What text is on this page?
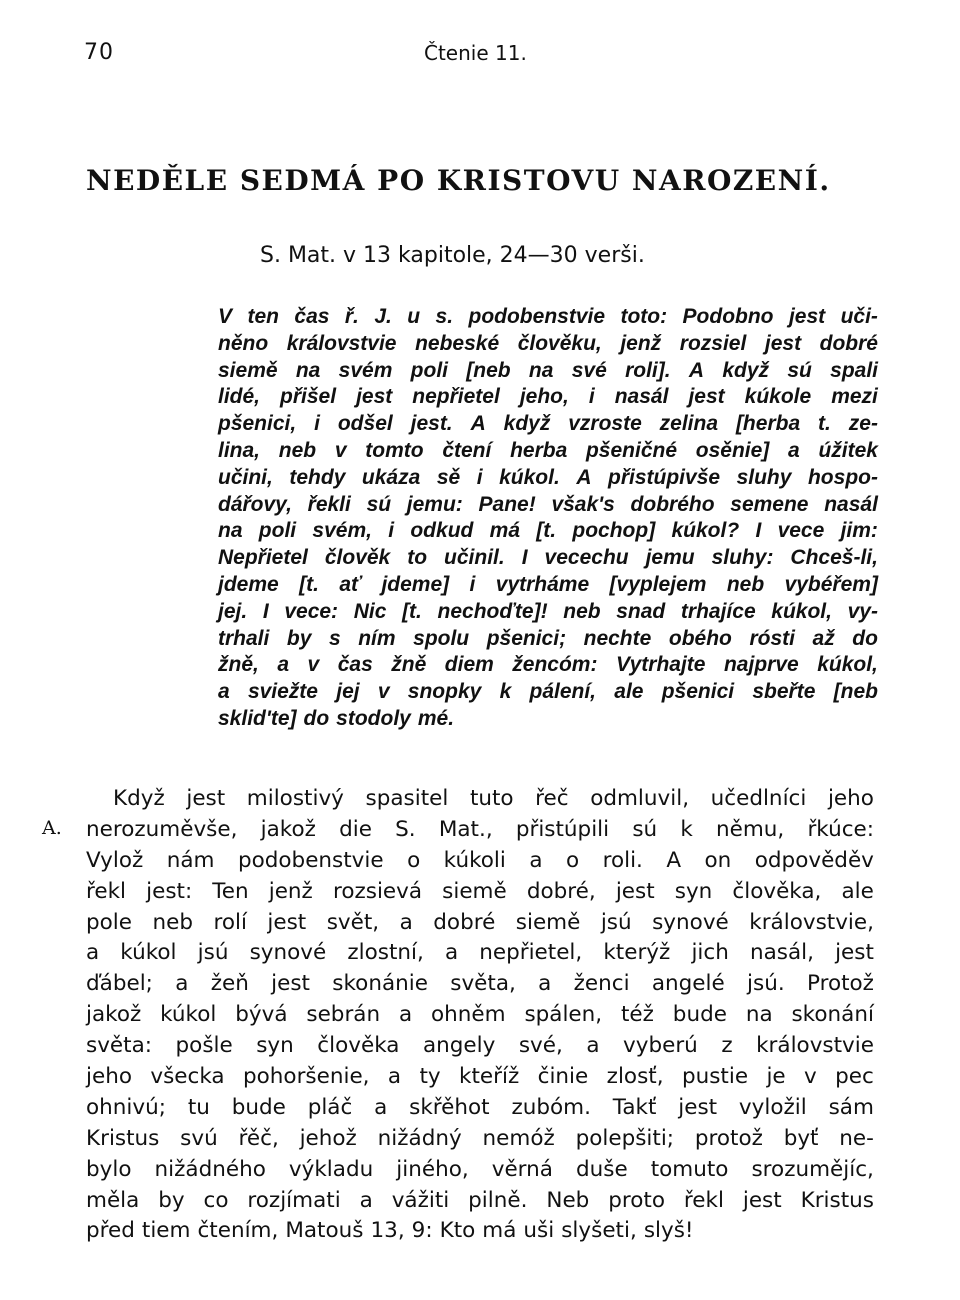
70	Čtenie 11.
NEDĚLE SEDMÁ PO KRISTOVU NAROZENÍ.
S. Mat. v 13 kapitole, 24—30 verši.
V ten čas ř. J. u s. podobenstvie toto: Podobno jest uči-
něno královstvie nebeské člověku, jenž rozsiel jest dobré
siemě na svém poli [neb na své roli]. A když sú spali
lidé, přišel jest nepřietel jeho, i nasál jest kúkole mezi
pšenici, i odšel jest. A když vzroste zelina [herba t. ze-
lina, neb v tomto čtení herba pšeničné osěnie] a úžitek
učini, tehdy ukáza sě i kúkol. A přistúpivše sluhy hospo-
dářovy, řekli sú jemu: Pane! však's dobrého semene nasál
na poli svém, i odkud má [t. pochop] kúkol? I vece jim:
Nepřietel člověk to učinil. I vecechu jemu sluhy: Chceš-li,
jdeme [t. ať jdeme] i vytrháme [vyplejem neb vybéřem]
jej. I vece: Nic [t. nechoďte]! neb snad trhajíce kúkol, vy-
trhali by s ním spolu pšenici; nechte obého rósti až do
žně, a v čas žně diem žencóm: Vytrhajte najprve kúkol,
a sviežte jej v snopky k pálení, ale pšenici sbeřte [neb
sklid'te] do stodoly mé.
A.
Když jest milostivý spasitel tuto řeč odmluvil, učedlníci jeho
nerozuměvše, jakož die S. Mat., přistúpili sú k němu, řkúce:
Vylož nám podobenstvie o kúkoli a o roli. A on odpověděv
řekl jest: Ten jenž rozsievá siemě dobré, jest syn člověka, ale
pole neb rolí jest svět, a dobré siemě jsú synové královstvie,
a kúkol jsú synové zlostní, a nepřietel, kterýž jich nasál, jest
ďábel; a žeň jest skonánie světa, a ženci angelé jsú. Protož
jakož kúkol bývá sebrán a ohněm spálen, též bude na skonání
světa: pošle syn člověka angely své, a vyberú z královstvie
jeho všecka pohoršenie, a ty kteříž činie zlosť, pustie je v pec
ohnivú; tu bude pláč a skřěhot zubóm. Takť jest vyložil sám
Kristus svú řěč, jehož nižádný nemóž polepšiti; protož byť ne-
bylo nižádného výkladu jiného, věrná duše tomuto srozumějíc,
měla by co rozjímati a vážiti pilně. Neb proto řekl jest Kristus
před tiem čtením, Matouš 13, 9: Kto má uši slyšeti, slyš!
